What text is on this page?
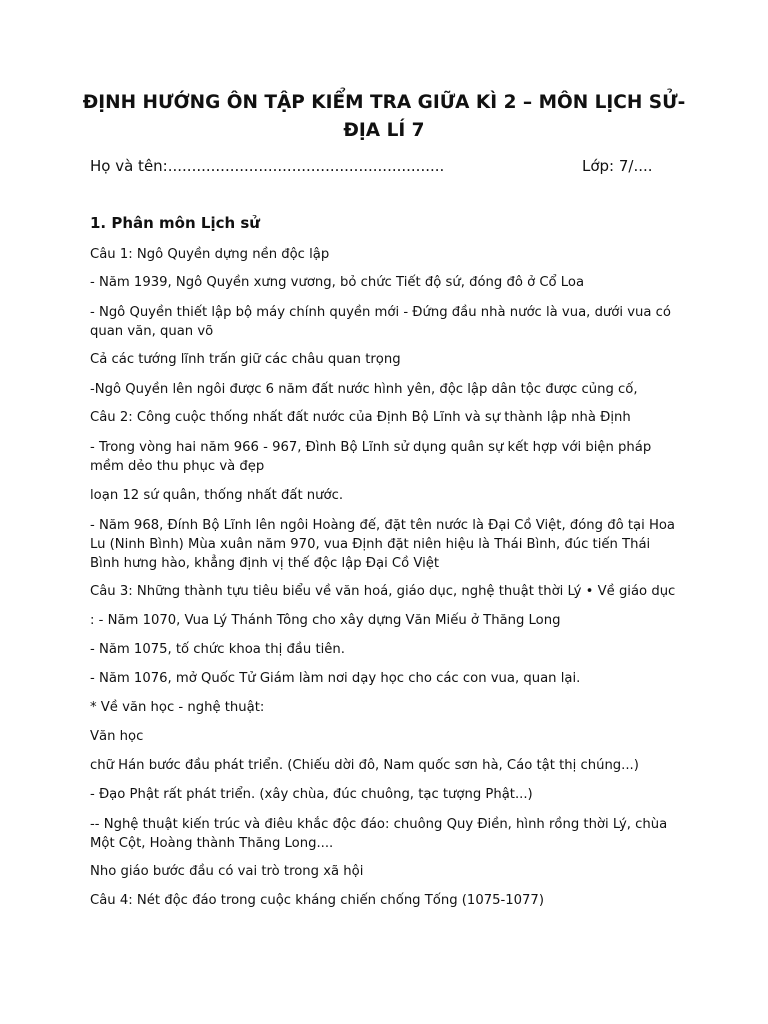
ĐỊNH HƯỚNG ÔN TẬP KIỂM TRA GIỮA KÌ 2 – MÔN LỊCH SỬ-
ĐỊA LÍ 7
Họ và tên:..........................................................	Lớp: 7/....
1. Phân môn Lịch sử

Câu 1: Ngô Quyền dựng nền độc lập

- Năm 1939, Ngô Quyền xưng vương, bỏ chức Tiết độ sứ, đóng đô ở Cổ Loa

- Ngô Quyền thiết lập bộ máy chính quyền mới - Đứng đầu nhà nước là vua, dưới vua có quan văn, quan võ

Cả các tướng lĩnh trấn giữ các châu quan trọng

-Ngô Quyền lên ngôi được 6 năm đất nước hình yên, độc lập dân tộc được củng cố,

Câu 2: Công cuộc thống nhất đất nước của Định Bộ Lĩnh và sự thành lập nhà Định

- Trong vòng hai năm 966 - 967, Đình Bộ Lĩnh sử dụng quân sự kết hợp với biện pháp mềm dẻo thu phục và đẹp

loạn 12 sứ quân, thống nhất đất nước.

- Năm 968, Đính Bộ Lĩnh lên ngôi Hoàng đế, đặt tên nước là Đại Cồ Việt, đóng đô tại Hoa Lu (Ninh Bình) Mùa xuân năm 970, vua Định đặt niên hiệu là Thái Bình, đúc tiến Thái Bình hưng hào, khẳng định vị thế độc lập Đại Cồ Việt

Câu 3: Những thành tựu tiêu biểu về văn hoá, giáo dục, nghệ thuật thời Lý • Về giáo dục

: - Năm 1070, Vua Lý Thánh Tông cho xây dựng Văn Miếu ở Thăng Long

- Năm 1075, tố chức khoa thị đầu tiên.

- Năm 1076, mở Quốc Tử Giám làm nơi dạy học cho các con vua, quan lại.

* Về văn học - nghệ thuật:

Văn học

chữ Hán bước đầu phát triển. (Chiếu dời đô, Nam quốc sơn hà, Cáo tật thị chúng...)

- Đạo Phật rất phát triển. (xây chùa, đúc chuông, tạc tượng Phật...)

-- Nghệ thuật kiến trúc và điêu khắc độc đáo: chuông Quy Điền, hình rồng thời Lý, chùa Một Cột, Hoàng thành Thăng Long....

Nho giáo bước đầu có vai trò trong xã hội

Câu 4: Nét độc đáo trong cuộc kháng chiến chống Tống (1075-1077)
